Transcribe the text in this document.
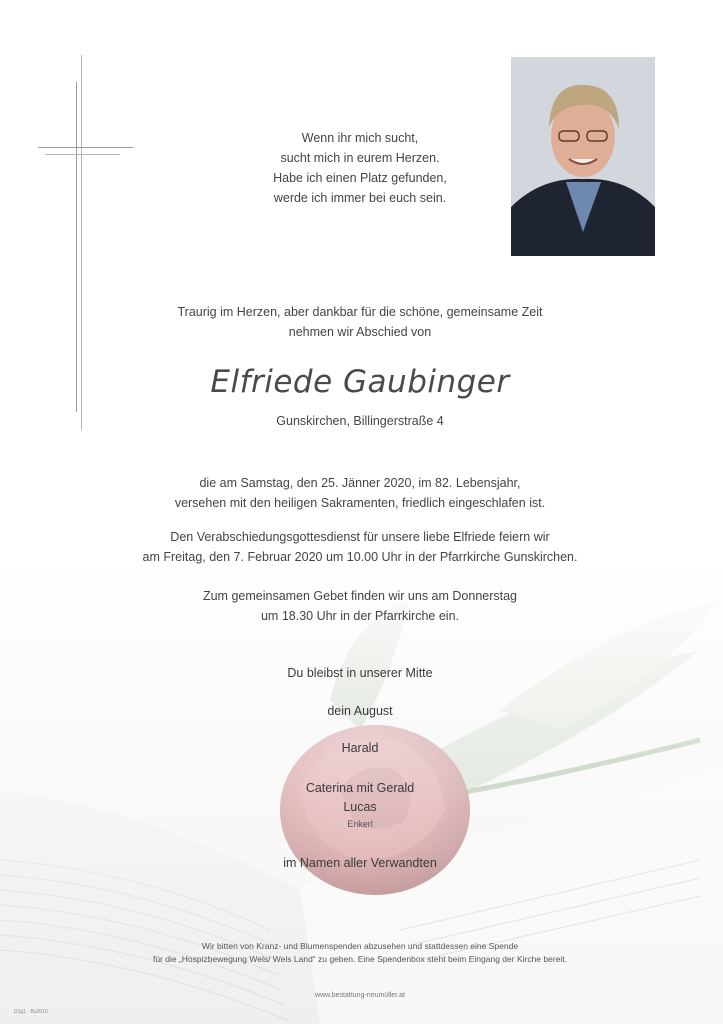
Wenn ihr mich sucht,
sucht mich in eurem Herzen.
Habe ich einen Platz gefunden,
werde ich immer bei euch sein.
Traurig im Herzen, aber dankbar für die schöne, gemeinsame Zeit
nehmen wir Abschied von
Elfriede Gaubinger
Gunskirchen, Billingerstraße 4
die am Samstag, den 25. Jänner 2020, im 82. Lebensjahr,
versehen mit den heiligen Sakramenten, friedlich eingeschlafen ist.
Den Verabschiedungsgottesdienst für unsere liebe Elfriede feiern wir
am Freitag, den 7. Februar 2020 um 10.00 Uhr in der Pfarrkirche Gunskirchen.
Zum gemeinsamen Gebet finden wir uns am Donnerstag
um 18.30 Uhr in der Pfarrkirche ein.
Du bleibst in unserer Mitte
dein August
Harald
Caterina mit Gerald
Lucas
Enkerl
im Namen aller Verwandten
Wir bitten von Kranz- und Blumenspenden abzusehen und stattdessen eine Spende
für die „Hospizbewegung Wels/ Wels Land“ zu geben. Eine Spendenbox steht beim Eingang der Kirche bereit.
www.bestattung-neumüller.at
D1g1 · Bu2010
